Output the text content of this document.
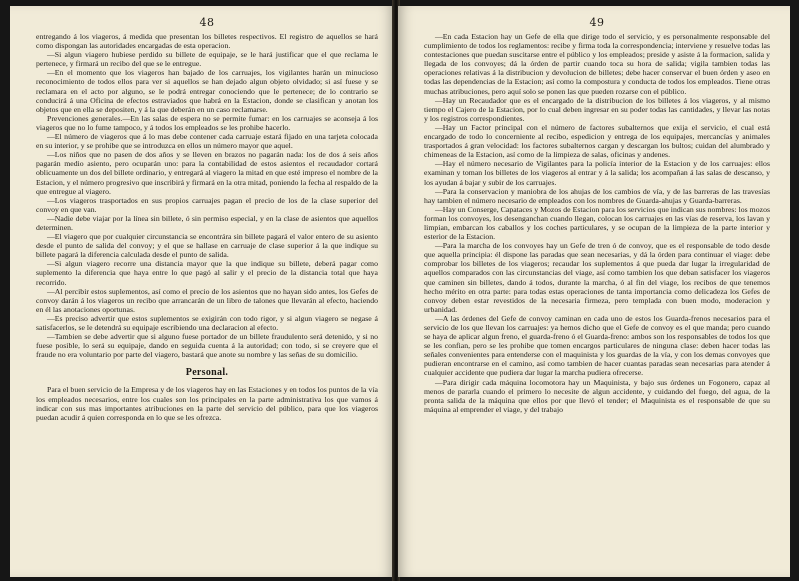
48

entregando á los viageros, á medida que presentan los billetes respectivos. El registro de aquellos se hará como dispongan las autoridades encargadas de esta operacion.

—Si algun viagero hubiese perdido su billete de equipaje, se le hará justificar que el que reclama le pertenece, y firmará un recibo del que se le entregue.

—En el momento que los viageros han bajado de los carruajes, los vigilantes harán un minucioso reconocimiento de todos ellos para ver si aquellos se han dejado algun objeto olvidado; si así fuese y se reclamara en el acto por alguno, se le podrá entregar conociendo que le pertenece; de lo contrario se conducirá á una Oficina de efectos estraviados que habrá en la Estacion, donde se clasifican y anotan los objetos que en ella se depositen, y á la que deberán en un caso reclamarse.

Prevenciones generales.—En las salas de espera no se permite fumar: en los carruajes se aconseja á los viageros que no lo fume tampoco, y á todos los empleados se les prohibe hacerlo.

—El número de viageros que á lo mas debe contener cada carruaje estará fijado en una tarjeta colocada en su interior, y se prohibe que se introduzca en ellos un número mayor que aquel.

—Los niños que no pasen de dos años y se lleven en brazos no pagarán nada: los de dos á seis años pagarán medio asiento, pero ocuparán uno: para la contabilidad de estos asientos el recaudador cortará oblicuamente un dos del billete ordinario, y entregará al viagero la mitad en que esté impreso el nombre de la Estacion, y el número progresivo que inscribirá y firmará en la otra mitad, poniendo la fecha al respaldo de la que entregue al viagero.

—Los viageros trasportados en sus propios carruajes pagan el precio de los de la clase superior del convoy en que van.

—Nadie debe viajar por la línea sin billete, ó sin permiso especial, y en la clase de asientos que aquellos determinen.

—El viagero que por cualquier circunstancia se encontrára sin billete pagará el valor entero de su asiento desde el punto de salida del convoy; y el que se hallase en carruaje de clase superior á la que indique su billete pagará la diferencia calculada desde el punto de salida.

—Si algun viagero recorre una distancia mayor que la que indique su billete, deberá pagar como suplemento la diferencia que haya entre lo que pagó al salir y el precio de la distancia total que haya recorrido.

—Al percibir estos suplementos, así como el precio de los asientos que no hayan sido antes, los Gefes de convoy darán á los viageros un recibo que arrancarán de un libro de talones que llevarán al efecto, haciendo en él las anotaciones oportunas.

—Es preciso advertir que estos suplementos se exigirán con todo rigor, y si algun viagero se negase á satisfacerlos, se le detendrá su equipaje escribiendo una declaracion al efecto.

—Tambien se debe advertir que si alguno fuese portador de un billete fraudulento será detenido, y si no fuese posible, lo será su equipaje, dando en seguida cuenta á la autoridad; con todo, si se creyere que el fraude no era voluntario por parte del viagero, bastará que anote su nombre y las señas de su domicilio.

Personal.

Para el buen servicio de la Empresa y de los viageros hay en las Estaciones y en todos los puntos de la vía los empleados necesarios, entre los cuales son los principales en la parte administrativa los que vamos á indicar con sus mas importantes atribuciones en la parte del servicio del público, para que los viageros puedan acudir á quien corresponda en lo que se les ofrezca.

49

—En cada Estacion hay un Gefe de ella que dirige todo el servicio, y es personalmente responsable del cumplimiento de todos los reglamentos: recibe y firma toda la correspondencia; interviene y resuelve todas las contestaciones que puedan suscitarse entre el público y los empleados; preside y asiste á la formacion, salida y llegada de los convoyes; dá la órden de partir cuando toca su hora de salida; vigila tambien todas las operaciones relativas á la distribucion y devolucion de billetes; debe hacer conservar el buen órden y aseo en todas las dependencias de la Estacion; así como la compostura y conducta de todos los empleados. Tiene otras muchas atribuciones, pero aquí solo se ponen las que pueden rozarse con el público.

—Hay un Recaudador que es el encargado de la distribucion de los billetes á los viageros, y al mismo tiempo el Cajero de la Estacion, por lo cual deben ingresar en su poder todas las cantidades, y llevar las notas y los registros correspondientes.

—Hay un Factor principal con el número de factores subalternos que exija el servicio, el cual está encargado de todo lo concerniente al recibo, espedicion y entrega de los equipajes, mercancías y animales trasportados á gran velocidad: los factores subalternos cargan y descargan los bultos; cuidan del alumbrado y chimeneas de la Estacion, así como de la limpieza de salas, oficinas y andenes.

—Hay el número necesario de Vigilantes para la policía interior de la Estacion y de los carruajes: ellos examinan y toman los billetes de los viageros al entrar y á la salida; los acompañan á las salas de descanso, y los ayudan á bajar y subir de los carruajes.

—Para la conservacion y maniobra de los ahujas de los cambios de vía, y de las barreras de las travesías hay tambien el número necesario de empleados con los nombres de Guarda-ahujas y Guarda-barreras.

—Hay un Conserge, Capataces y Mozos de Estacion para los servicios que indican sus nombres: los mozos forman los convoyes, los desenganchan cuando llegan, colocan los carruajes en las vías de reserva, los lavan y limpian, embarcan los caballos y los coches particulares, y se ocupan de la limpieza de la parte interior y esterior de la Estacion.

—Para la marcha de los convoyes hay un Gefe de tren ó de convoy, que es el responsable de todo desde que aquella principia: él dispone las paradas que sean necesarias, y dá la órden para continuar el viage: debe comprobar los billetes de los viageros; recaudar los suplementos á que pueda dar lugar la irregularidad de aquellos comparados con las circunstancias del viage, así como tambien los que deban satisfacer los viageros que caminen sin billetes, dando á todos, durante la marcha, ó al fin del viage, los recibos de que tenemos hecho mérito en otra parte: para todas estas operaciones de tanta importancia como delicadeza los Gefes de convoy deben estar revestidos de la necesaria firmeza, pero templada con buen modo, moderacion y urbanidad.

—A las órdenes del Gefe de convoy caminan en cada uno de estos los Guarda-frenos necesarios para el servicio de los que llevan los carruajes: ya hemos dicho que el Gefe de convoy es el que manda; pero cuando se haya de aplicar algun freno, el guarda-freno ó el Guarda-freno: ambos son los responsables de todos los que se les confian, pero se les prohibe que tomen encargos particulares de ninguna clase: deben hacer todas las señales convenientes para entenderse con el maquinista y los guardas de la vía, y con los demas convoyes que pudieran encontrarse en el camino, así como tambien de hacer cuantas paradas sean necesarias para atender á cualquier accidente que pudiera dar lugar la marcha pudiera ofrecerse.

—Para dirigir cada máquina locomotora hay un Maquinista, y bajo sus órdenes un Fogonero, capaz al menos de pararla cuando el primero lo necesite de algun accidente, y cuidando del fuego, del agua, de la pronta salida de la máquina que ellos por que llevó el tender; el Maquinista es el responsable de que su máquina al emprender el viage, y del trabajo
